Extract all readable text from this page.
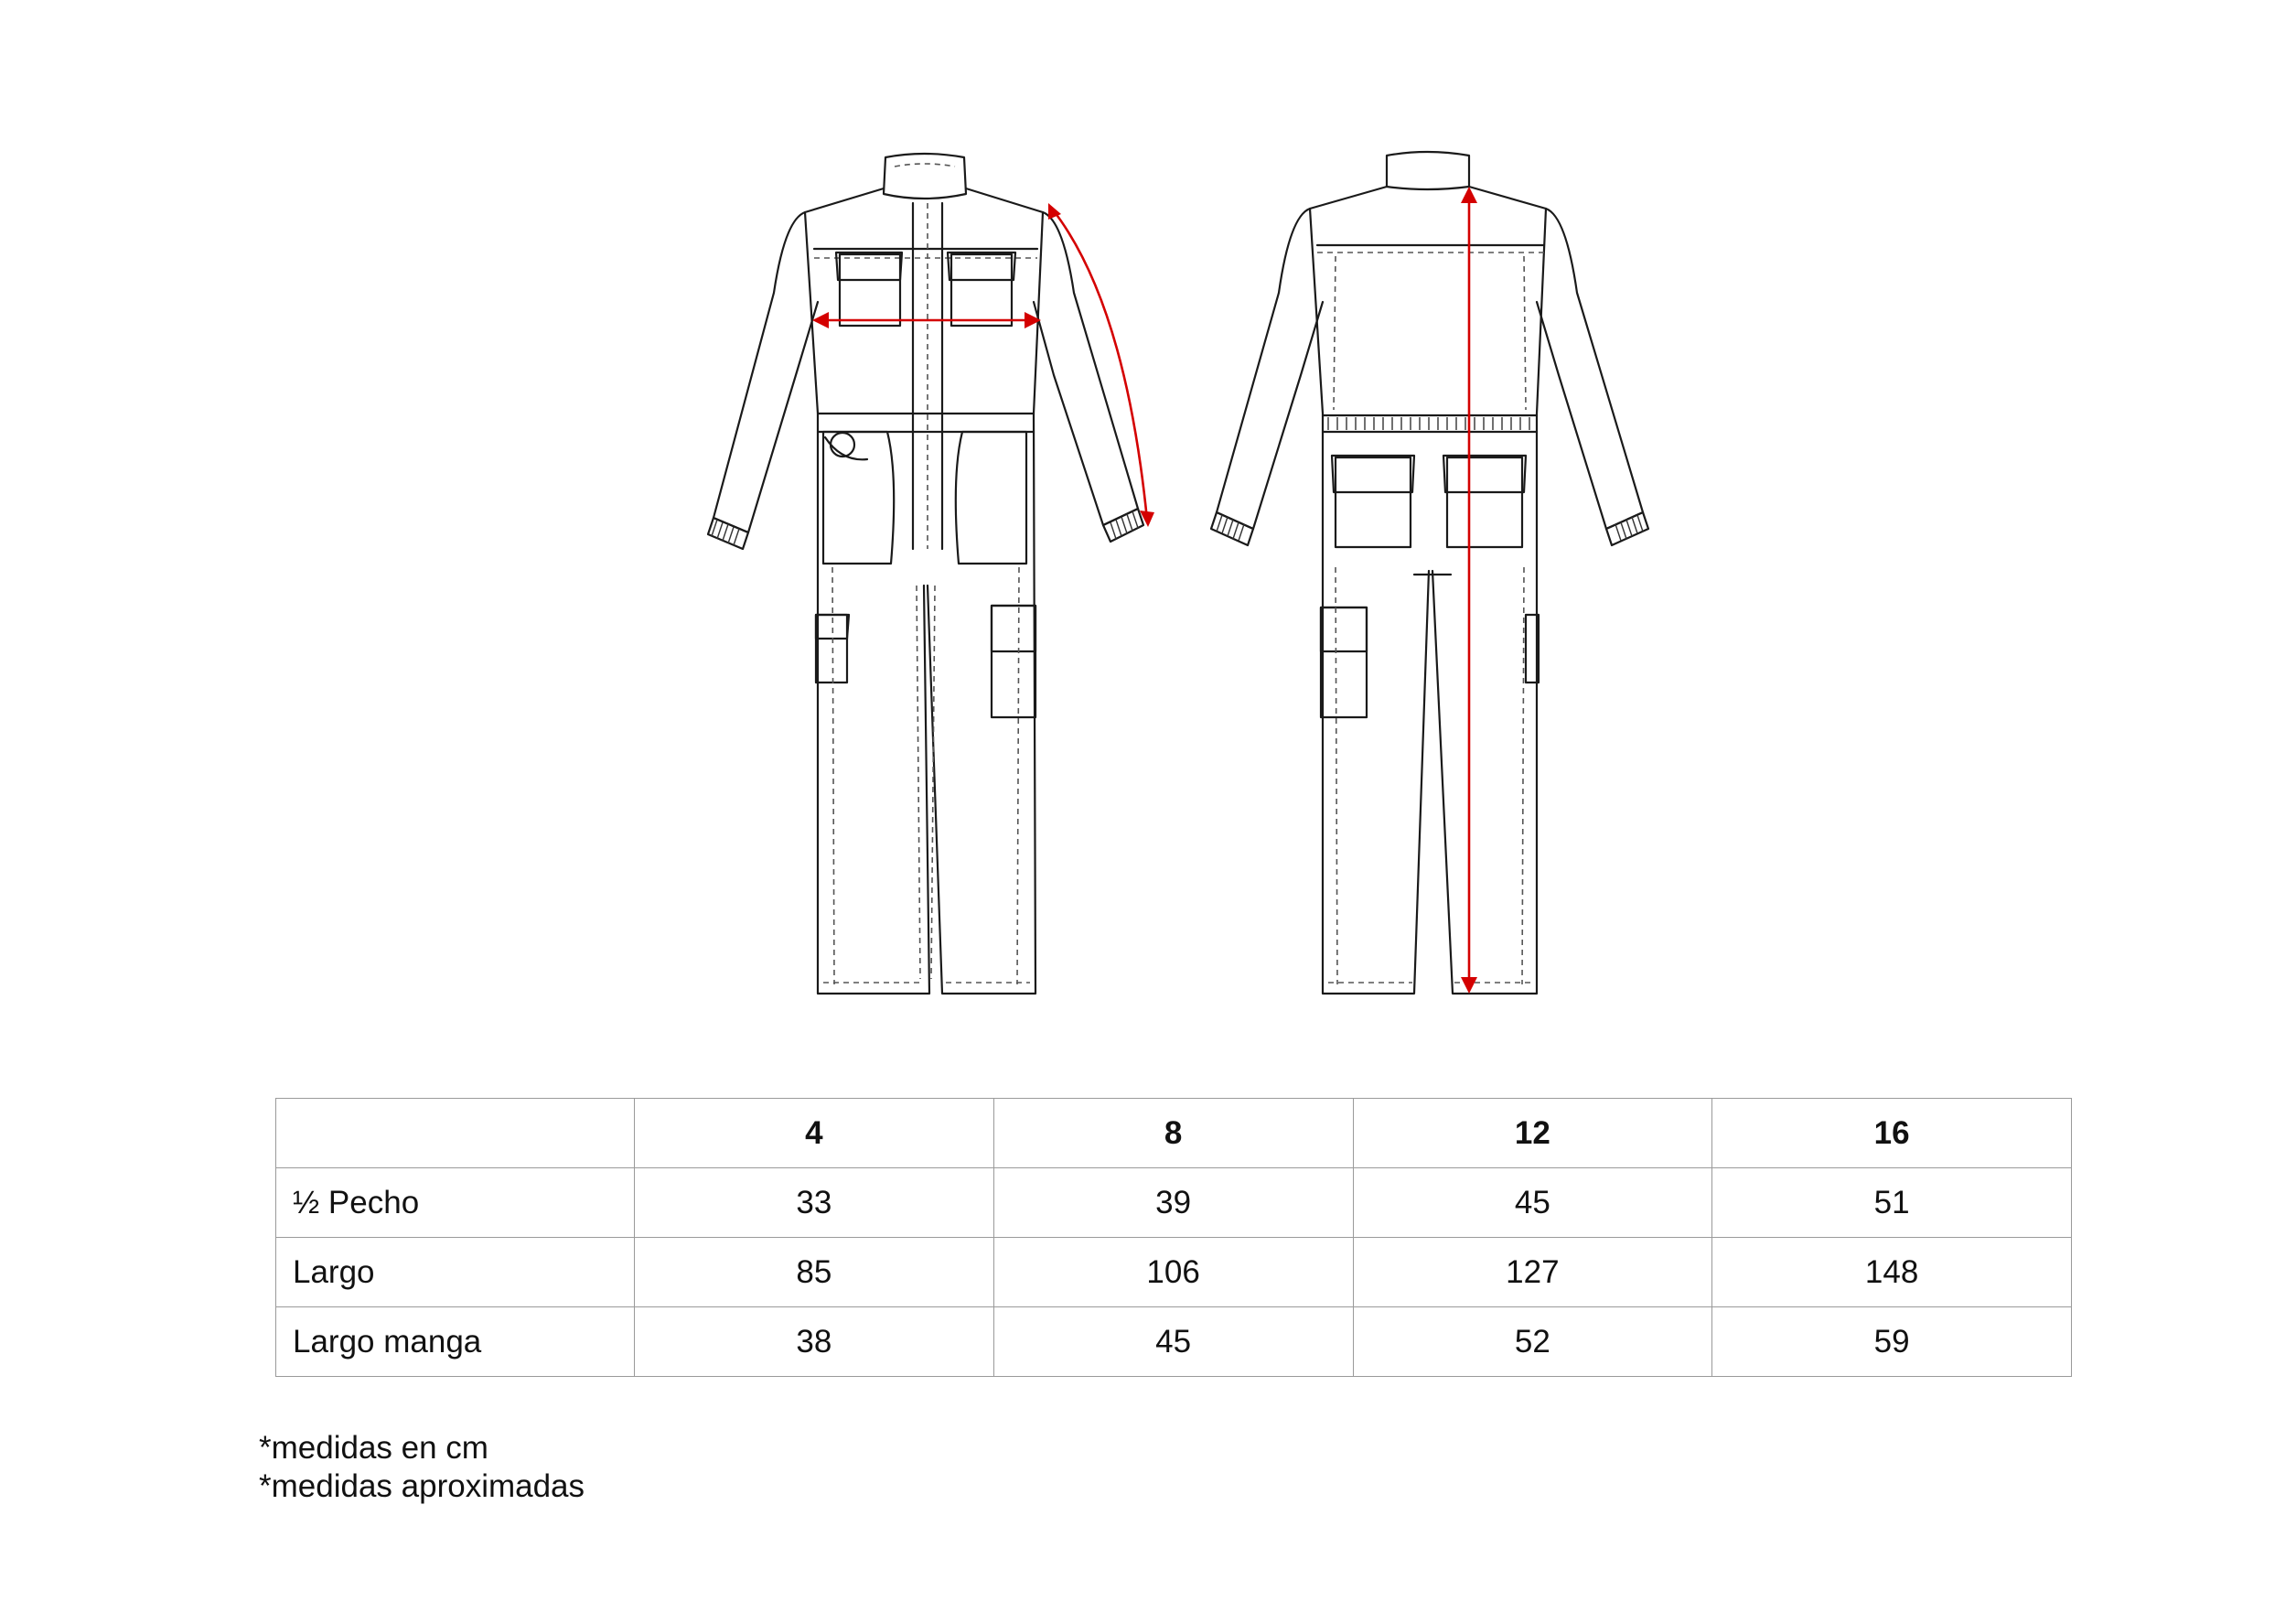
	4	8	12	16
½ Pecho	33	39	45	51
Largo	85	106	127	148
Largo manga	38	45	52	59
*medidas en cm
*medidas aproximadas
